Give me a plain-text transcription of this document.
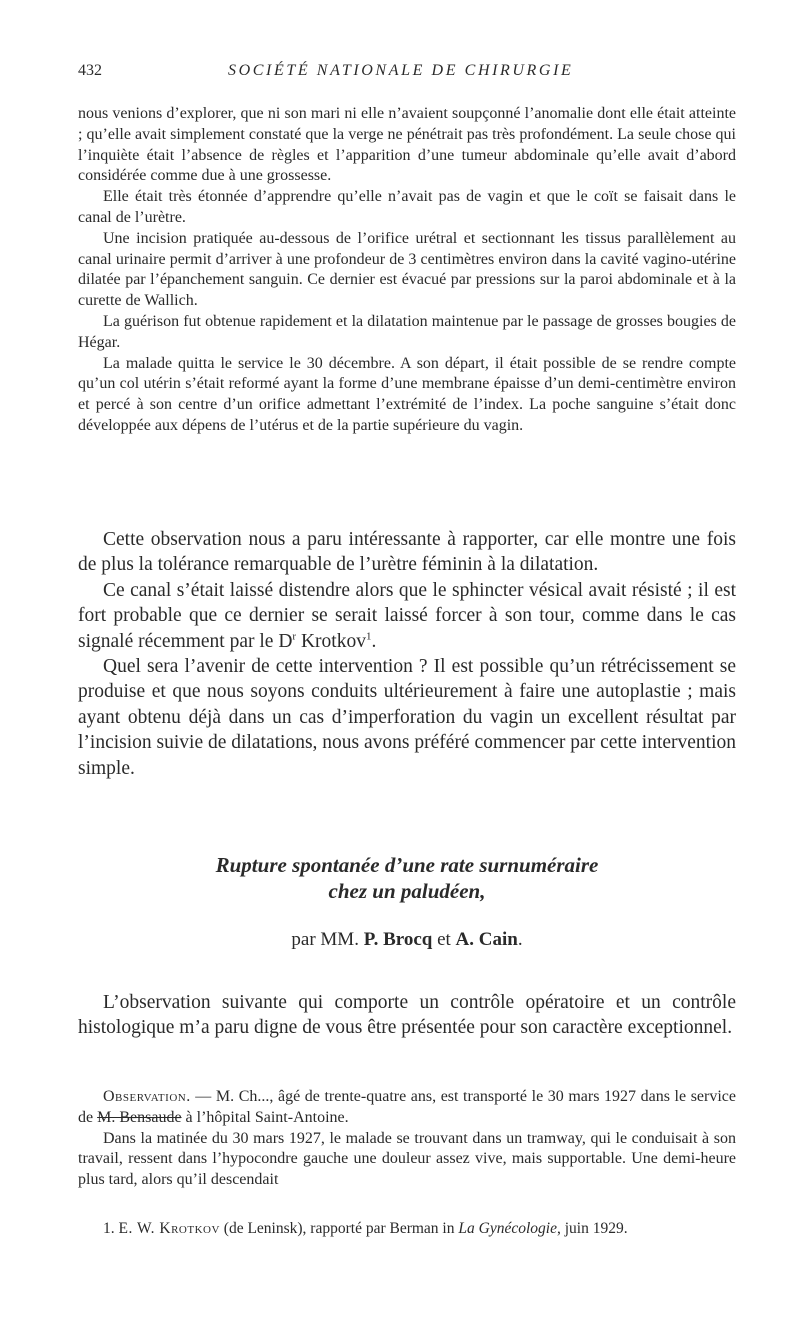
432	SOCIÉTÉ NATIONALE DE CHIRURGIE

nous venions d’explorer, que ni son mari ni elle n’avaient soupçonné l’anomalie dont elle était atteinte ; qu’elle avait simplement constaté que la verge ne pénétrait pas très profondément. La seule chose qui l’inquiète était l’absence de règles et l’apparition d’une tumeur abdominale qu’elle avait d’abord considérée comme due à une grossesse.

Elle était très étonnée d’apprendre qu’elle n’avait pas de vagin et que le coït se faisait dans le canal de l’urètre.

Une incision pratiquée au-dessous de l’orifice urétral et sectionnant les tissus parallèlement au canal urinaire permit d’arriver à une profondeur de 3 centimètres environ dans la cavité vagino-utérine dilatée par l’épanchement sanguin. Ce dernier est évacué par pressions sur la paroi abdominale et à la curette de Wallich.

La guérison fut obtenue rapidement et la dilatation maintenue par le passage de grosses bougies de Hégar.

La malade quitta le service le 30 décembre. A son départ, il était possible de se rendre compte qu’un col utérin s’était reformé ayant la forme d’une membrane épaisse d’un demi-centimètre environ et percé à son centre d’un orifice admettant l’extrémité de l’index. La poche sanguine s’était donc développée aux dépens de l’utérus et de la partie supérieure du vagin.

Cette observation nous a paru intéressante à rapporter, car elle montre une fois de plus la tolérance remarquable de l’urètre féminin à la dilatation.

Ce canal s’était laissé distendre alors que le sphincter vésical avait résisté ; il est fort probable que ce dernier se serait laissé forcer à son tour, comme dans le cas signalé récemment par le $D^r$ Krotkov$^1$.

Quel sera l’avenir de cette intervention ? Il est possible qu’un rétrécissement se produise et que nous soyons conduits ultérieurement à faire une autoplastie ; mais ayant obtenu déjà dans un cas d’imperforation du vagin un excellent résultat par l’incision suivie de dilatations, nous avons préféré commencer par cette intervention simple.

Rupture spontanée d’une rate surnuméraire
chez un paludéen,
par MM. P. Brocq et A. Cain.

L’observation suivante qui comporte un contrôle opératoire et un contrôle histologique m’a paru digne de vous être présentée pour son caractère exceptionnel.

Observation. — M. Ch..., âgé de trente-quatre ans, est transporté le 30 mars 1927 dans le service de M. Bensaude à l’hôpital Saint-Antoine.

Dans la matinée du 30 mars 1927, le malade se trouvant dans un tramway, qui le conduisait à son travail, ressent dans l’hypocondre gauche une douleur assez vive, mais supportable. Une demi-heure plus tard, alors qu’il descendait

1. E. W. Krotkov (de Leninsk), rapporté par Berman in La Gynécologie, juin 1929.
